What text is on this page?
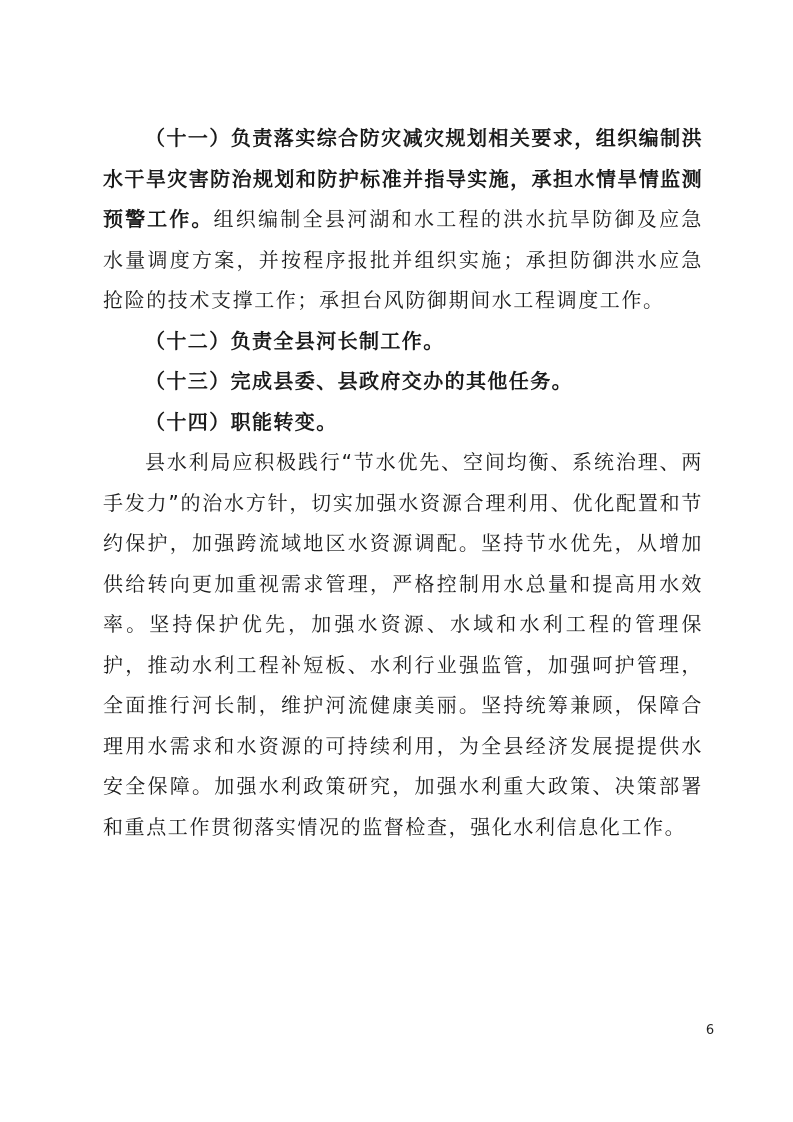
（十一）负责落实综合防灾减灾规划相关要求，组织编制洪水干旱灾害防治规划和防护标准并指导实施，承担水情旱情监测预警工作。组织编制全县河湖和水工程的洪水抗旱防御及应急水量调度方案，并按程序报批并组织实施；承担防御洪水应急抢险的技术支撑工作；承担台风防御期间水工程调度工作。

（十二）负责全县河长制工作。

（十三）完成县委、县政府交办的其他任务。

（十四）职能转变。

县水利局应积极践行“节水优先、空间均衡、系统治理、两手发力”的治水方针，切实加强水资源合理利用、优化配置和节约保护，加强跨流域地区水资源调配。坚持节水优先，从增加供给转向更加重视需求管理，严格控制用水总量和提高用水效率。坚持保护优先，加强水资源、水域和水利工程的管理保护，推动水利工程补短板、水利行业强监管，加强呵护管理，全面推行河长制，维护河流健康美丽。坚持统筹兼顾，保障合理用水需求和水资源的可持续利用，为全县经济发展提提供水安全保障。加强水利政策研究，加强水利重大政策、决策部署和重点工作贯彻落实情况的监督检查，强化水利信息化工作。

6
